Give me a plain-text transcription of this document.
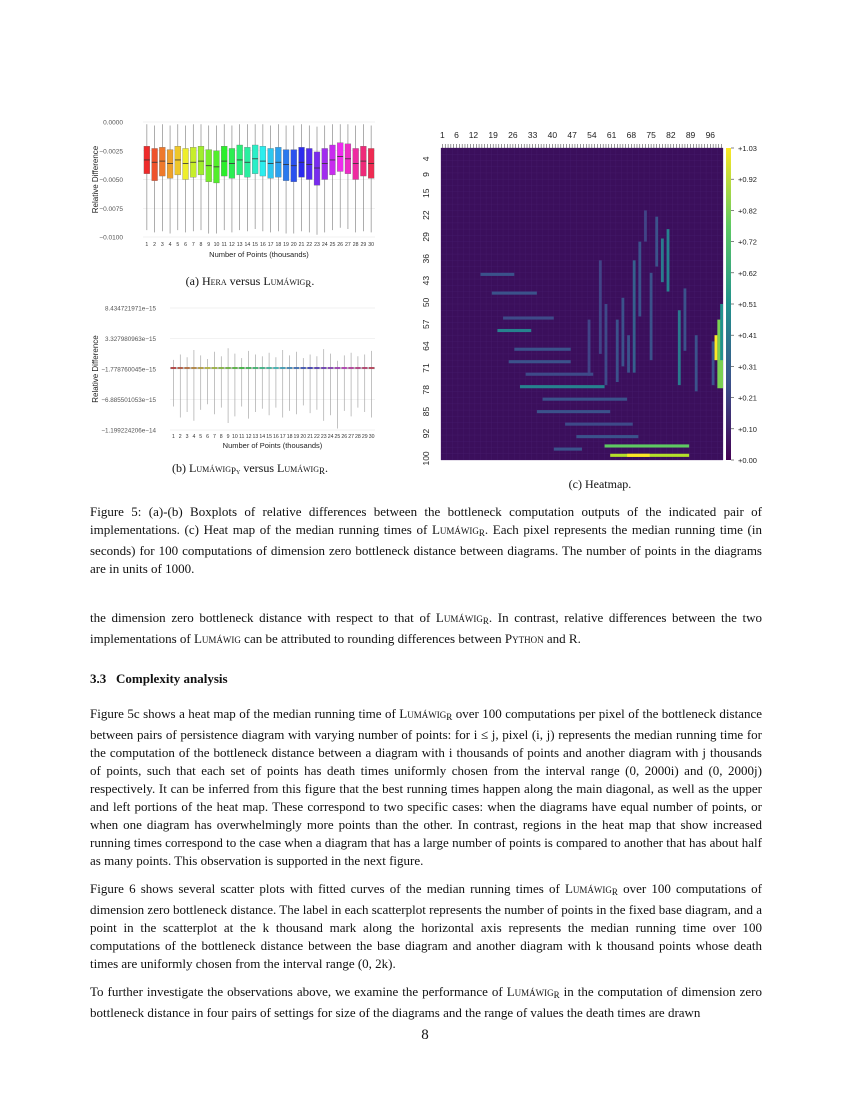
0.0000
−0.0025
−0.0050
−0.0075
−0.0100
1 2 3 4 5 6 7 8 9 10 11 12 13 14 15 16 17 18 19 20 21 22 23 24 25 26 27 28 29 30
Number of Points (thousands)
Relative Difference
(a) Hera versus Lumáwig$_R$.
8.434721971e−15
3.327980963e−15
−1.778760045e−15
−6.885501053e−15
−1.199224206e−14
1 2 3 4 5 6 7 8 9 10 11 12 13 14 15 16 17 18 19 20 21 22 23 24 25 26 27 28 29 30
Number of Points (thousands)
Relative Difference
(b) Lumáwig$_{Py}$ versus Lumáwig$_R$.
1 6 12 19 26 33 40 47 54 61 68 75 82 89 96
4
9
15
22
29
36
43
50
57
64
71
78
85
92
100
+1.03
+0.92
+0.82
+0.72
+0.62
+0.51
+0.41
+0.31
+0.21
+0.10
+0.00
(c) Heatmap.
Figure 5: (a)-(b) Boxplots of relative differences between the bottleneck computation outputs of the indicated pair of implementations. (c) Heat map of the median running times of Lumáwig$_R$. Each pixel represents the median running time (in seconds) for 100 computations of dimension zero bottleneck distance between diagrams. The number of points in the diagrams are in units of 1000.

the dimension zero bottleneck distance with respect to that of Lumáwig$_R$. In contrast, relative differences between the two implementations of Lumáwig can be attributed to rounding differences between Python and R.

3.3 Complexity analysis

Figure 5c shows a heat map of the median running time of Lumáwig$_R$ over 100 computations per pixel of the bottleneck distance between pairs of persistence diagram with varying number of points: for i ≤ j, pixel (i, j) represents the median running time for the computation of the bottleneck distance between a diagram with i thousands of points and another diagram with j thousands of points, such that each set of points has death times uniformly chosen from the interval range (0, 2000i) and (0, 2000j) respectively. It can be inferred from this figure that the best running times happen along the main diagonal, as well as the upper and left portions of the heat map. These correspond to two specific cases: when the diagrams have equal number of points, or when one diagram has overwhelmingly more points than the other. In contrast, regions in the heat map that show increased running times correspond to the case when a diagram that has a large number of points is compared to another that has about half as many points. This observation is supported in the next figure.

Figure 6 shows several scatter plots with fitted curves of the median running times of Lumáwig$_R$ over 100 computations of dimension zero bottleneck distance. The label in each scatterplot represents the number of points in the fixed base diagram, and a point in the scatterplot at the k thousand mark along the horizontal axis represents the median running time over 100 computations of the bottleneck distance between the base diagram and another diagram with k thousand points whose death times are uniformly chosen from the interval range (0, 2k).

To further investigate the observations above, we examine the performance of Lumáwig$_R$ in the computation of dimension zero bottleneck distance in four pairs of settings for size of the diagrams and the range of values the death times are drawn

8
